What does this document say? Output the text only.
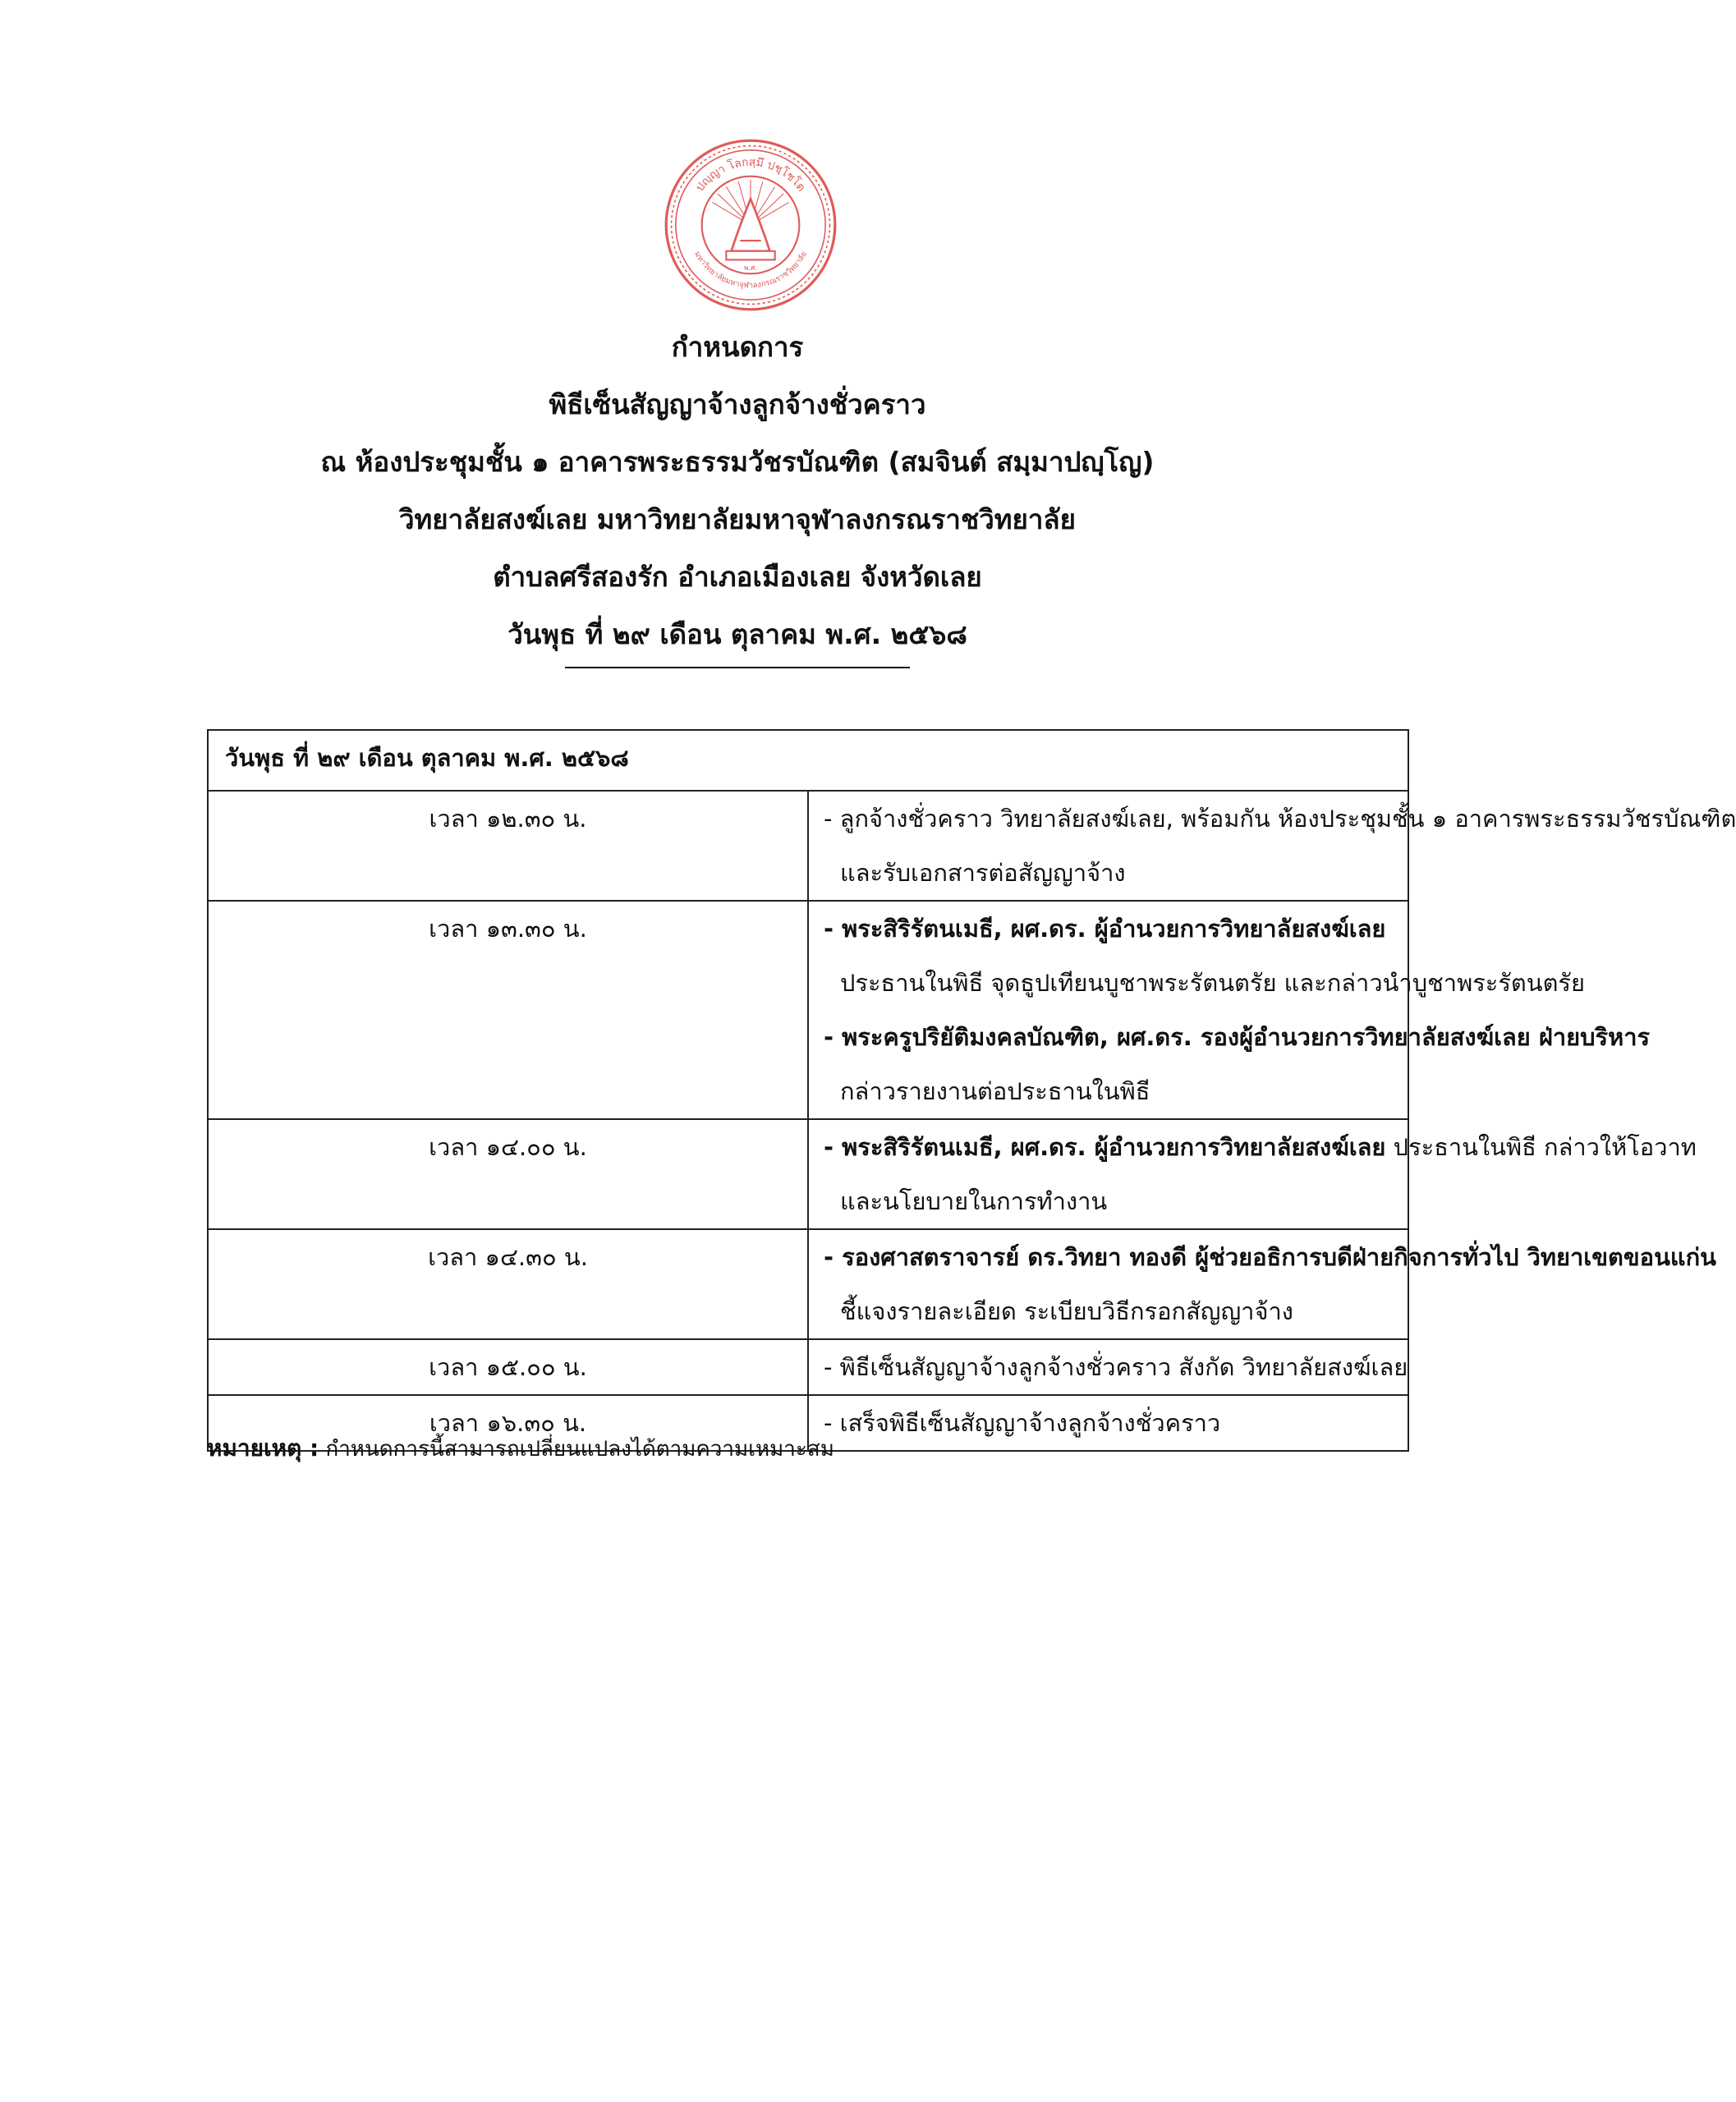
ปญฺญา โลกสฺมึ ปชฺโชโต
มหาวิทยาลัยมหาจุฬาลงกรณราชวิทยาลัย
พ.ศ.
กำหนดการ
พิธีเซ็นสัญญาจ้างลูกจ้างชั่วคราว
ณ ห้องประชุมชั้น ๑ อาคารพระธรรมวัชรบัณฑิต (สมจินต์ สมฺมาปญฺโญ)
วิทยาลัยสงฆ์เลย มหาวิทยาลัยมหาจุฬาลงกรณราชวิทยาลัย
ตำบลศรีสองรัก อำเภอเมืองเลย จังหวัดเลย
วันพุธ ที่ ๒๙ เดือน ตุลาคม พ.ศ. ๒๕๖๘
วันพุธ ที่ ๒๙ เดือน ตุลาคม พ.ศ. ๒๕๖๘	
เวลา ๑๒.๓๐ น.	- ลูกจ้างชั่วคราว วิทยาลัยสงฆ์เลย, พร้อมกัน ห้องประชุมชั้น ๑ อาคารพระธรรมวัชรบัณฑิต
และรับเอกสารต่อสัญญาจ้าง

เวลา ๑๓.๓๐ น.	- พระสิริรัตนเมธี, ผศ.ดร. ผู้อำนวยการวิทยาลัยสงฆ์เลย
ประธานในพิธี จุดธูปเทียนบูชาพระรัตนตรัย และกล่าวนำบูชาพระรัตนตรัย
- พระครูปริยัติมงคลบัณฑิต, ผศ.ดร. รองผู้อำนวยการวิทยาลัยสงฆ์เลย ฝ่ายบริหาร
กล่าวรายงานต่อประธานในพิธี

เวลา ๑๔.๐๐ น.	- พระสิริรัตนเมธี, ผศ.ดร. ผู้อำนวยการวิทยาลัยสงฆ์เลย ประธานในพิธี กล่าวให้โอวาท
และนโยบายในการทำงาน

เวลา ๑๔.๓๐ น.	- รองศาสตราจารย์ ดร.วิทยา ทองดี ผู้ช่วยอธิการบดีฝ่ายกิจการทั่วไป วิทยาเขตขอนแก่น
ชี้แจงรายละเอียด ระเบียบวิธีกรอกสัญญาจ้าง

เวลา ๑๕.๐๐ น.	- พิธีเซ็นสัญญาจ้างลูกจ้างชั่วคราว สังกัด วิทยาลัยสงฆ์เลย

เวลา ๑๖.๓๐ น.	- เสร็จพิธีเซ็นสัญญาจ้างลูกจ้างชั่วคราว
หมายเหตุ : กำหนดการนี้สามารถเปลี่ยนแปลงได้ตามความเหมาะสม
